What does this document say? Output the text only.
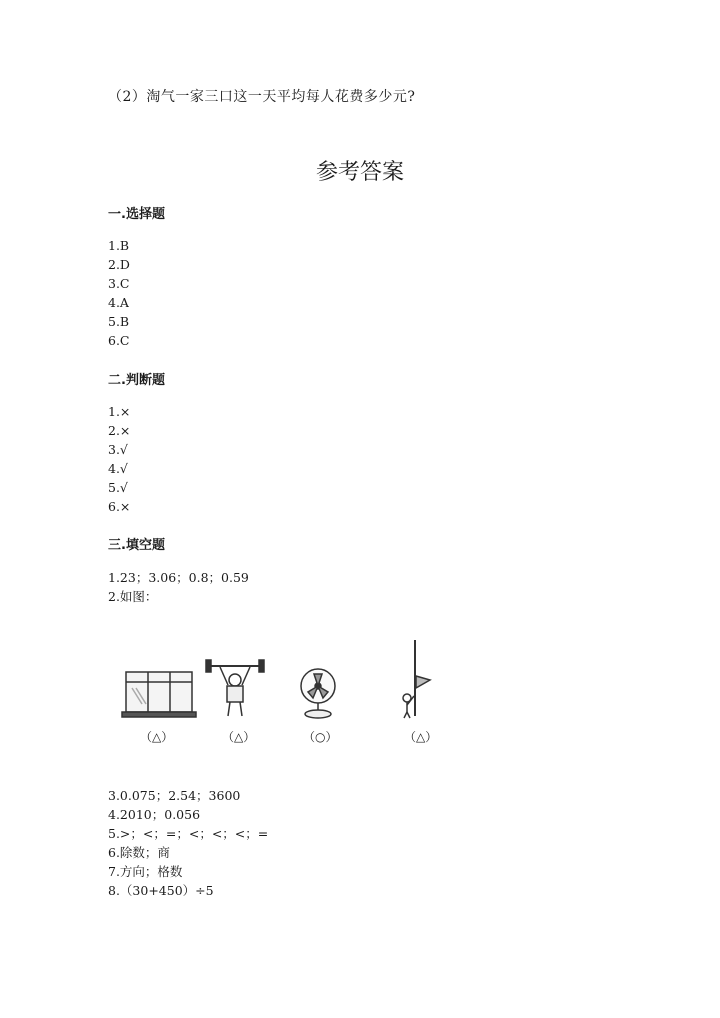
（2）淘气一家三口这一天平均每人花费多少元?
参考答案
一.选择题
1.B
2.D
3.C
4.A
5.B
6.C
二.判断题
1.×
2.×
3.√
4.√
5.√
6.×
三.填空题
1.23；3.06；0.8；0.59
2.如图：
（△）	（△）	（○）	（△）
3.0.075；2.54；3600
4.2010；0.056
5.>；<；=；<；<；<；=
6.除数；商
7.方向；格数
8.（30+450）÷5
